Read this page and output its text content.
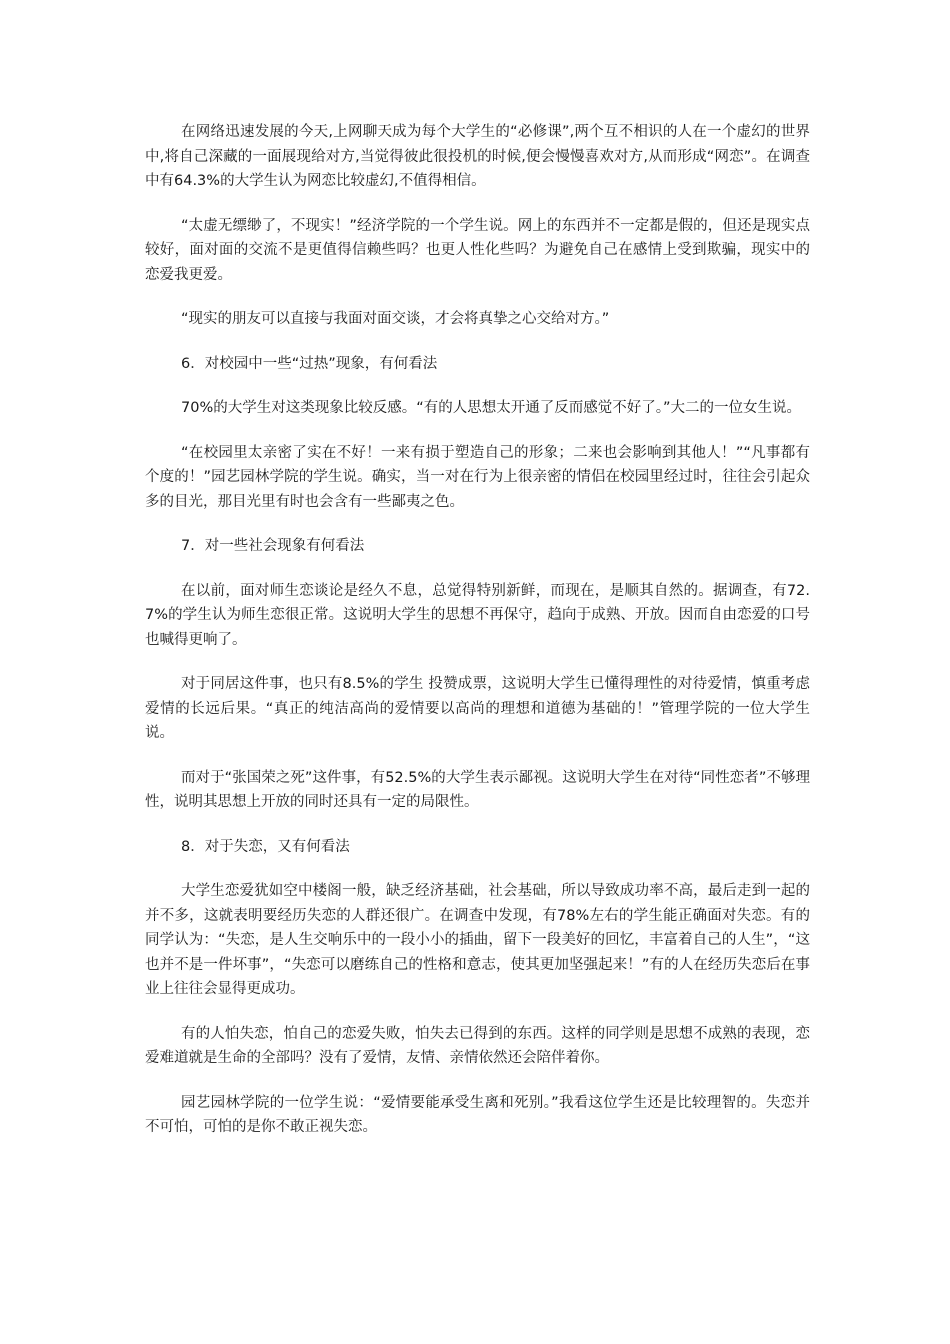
在网络迅速发展的今天,上网聊天成为每个大学生的“必修课”,两个互不相识的人在一个虚幻的世界中,将自己深藏的一面展现给对方,当觉得彼此很投机的时候,便会慢慢喜欢对方,从而形成“网恋”。在调查中有64.3%的大学生认为网恋比较虚幻,不值得相信。

“太虚无缥缈了，不现实！”经济学院的一个学生说。网上的东西并不一定都是假的，但还是现实点较好，面对面的交流不是更值得信赖些吗？也更人性化些吗？为避免自己在感情上受到欺骗，现实中的恋爱我更爱。

“现实的朋友可以直接与我面对面交谈，才会将真挚之心交给对方。”

6．对校园中一些“过热”现象，有何看法

70%的大学生对这类现象比较反感。“有的人思想太开通了反而感觉不好了。”大二的一位女生说。

“在校园里太亲密了实在不好！一来有损于塑造自己的形象；二来也会影响到其他人！”“凡事都有个度的！”园艺园林学院的学生说。确实，当一对在行为上很亲密的情侣在校园里经过时，往往会引起众多的目光，那目光里有时也会含有一些鄙夷之色。

7．对一些社会现象有何看法

在以前，面对师生恋谈论是经久不息，总觉得特别新鲜，而现在，是顺其自然的。据调查，有72.7%的学生认为师生恋很正常。这说明大学生的思想不再保守，趋向于成熟、开放。因而自由恋爱的口号也喊得更响了。

对于同居这件事，也只有8.5%的学生 投赞成票，这说明大学生已懂得理性的对待爱情，慎重考虑爱情的长远后果。“真正的纯洁高尚的爱情要以高尚的理想和道德为基础的！”管理学院的一位大学生说。

而对于“张国荣之死”这件事，有52.5%的大学生表示鄙视。这说明大学生在对待“同性恋者”不够理性，说明其思想上开放的同时还具有一定的局限性。

8．对于失恋，又有何看法

大学生恋爱犹如空中楼阁一般，缺乏经济基础，社会基础，所以导致成功率不高，最后走到一起的并不多，这就表明要经历失恋的人群还很广。在调查中发现，有78%左右的学生能正确面对失恋。有的同学认为：“失恋，是人生交响乐中的一段小小的插曲，留下一段美好的回忆，丰富着自己的人生”，“这也并不是一件坏事”，“失恋可以磨练自己的性格和意志，使其更加坚强起来！”有的人在经历失恋后在事业上往往会显得更成功。

有的人怕失恋，怕自己的恋爱失败，怕失去已得到的东西。这样的同学则是思想不成熟的表现，恋爱难道就是生命的全部吗？没有了爱情，友情、亲情依然还会陪伴着你。

园艺园林学院的一位学生说：“爱情要能承受生离和死别。”我看这位学生还是比较理智的。失恋并不可怕，可怕的是你不敢正视失恋。
